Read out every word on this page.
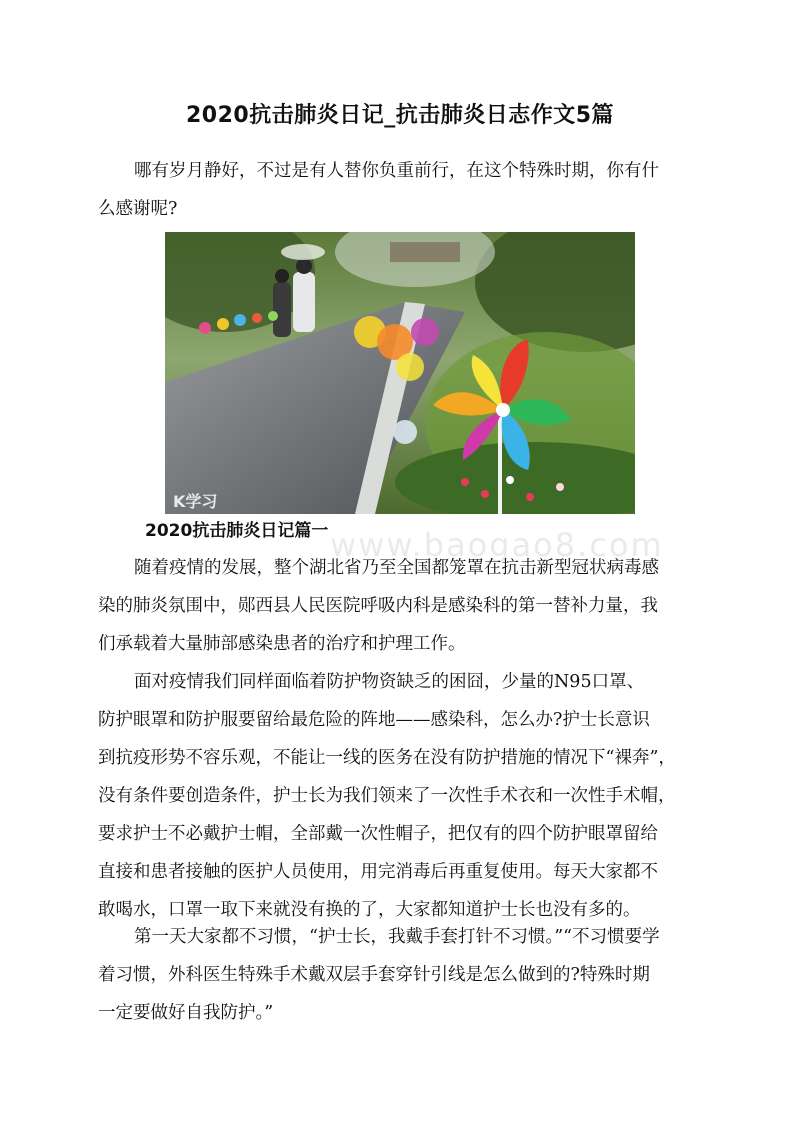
2020抗击肺炎日记_抗击肺炎日志作文5篇
哪有岁月静好，不过是有人替你负重前行，在这个特殊时期，你有什
么感谢呢?
K学习
2020抗击肺炎日记篇一 www.baogao8.com
随着疫情的发展，整个湖北省乃至全国都笼罩在抗击新型冠状病毒感
染的肺炎氛围中，郧西县人民医院呼吸内科是感染科的第一替补力量，我
们承载着大量肺部感染患者的治疗和护理工作。
面对疫情我们同样面临着防护物资缺乏的困囧，少量的N95口罩、
防护眼罩和防护服要留给最危险的阵地——感染科，怎么办?护士长意识
到抗疫形势不容乐观，不能让一线的医务在没有防护措施的情况下“裸奔”，
没有条件要创造条件，护士长为我们领来了一次性手术衣和一次性手术帽，
要求护士不必戴护士帽，全部戴一次性帽子，把仅有的四个防护眼罩留给
直接和患者接触的医护人员使用，用完消毒后再重复使用。每天大家都不
敢喝水，口罩一取下来就没有换的了，大家都知道护士长也没有多的。
第一天大家都不习惯，“护士长，我戴手套打针不习惯。”“不习惯要学
着习惯，外科医生特殊手术戴双层手套穿针引线是怎么做到的?特殊时期
一定要做好自我防护。”
